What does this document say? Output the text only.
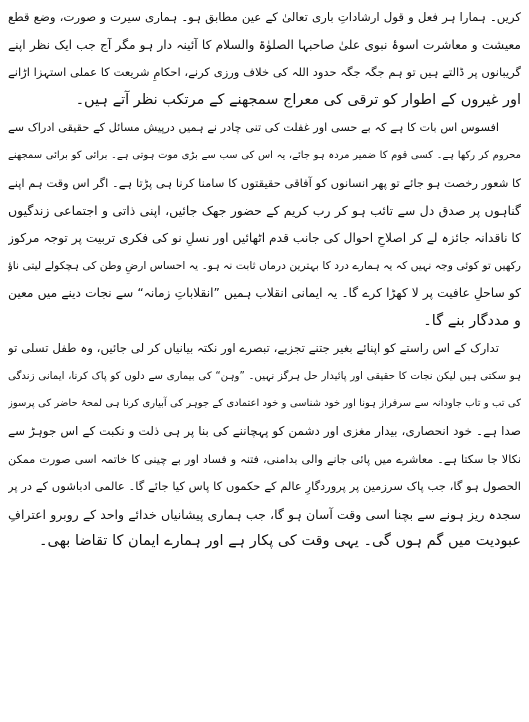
کریں۔ ہمارا ہر فعل و قول ارشاداتِ باری تعالیٰ کے عین مطابق ہو۔ ہماری سیرت و صورت، وضع قطع
معیشت و معاشرت اسوۂ نبوی علیٰ صاحبہا الصلوٰۃ والسلام کا آئینہ دار ہو مگر آج جب ایک نظر اپنے
گریبانوں پر ڈالتے ہیں تو ہم جگہ جگہ حدود اللہ کی خلاف ورزی کرنے، احکامِ شریعت کا عملی استہزا اڑانے
اور غیروں کے اطوار کو ترقی کی معراج سمجھنے کے مرتکب نظر آتے ہیں۔
افسوس اس بات کا ہے کہ بے حسی اور غفلت کی تنی چادر نے ہمیں درپیش مسائل کے حقیقی ادراک سے
محروم کر رکھا ہے۔ کسی قوم کا ضمیر مردہ ہو جائے، یہ اس کی سب سے بڑی موت ہوتی ہے۔ برائی کو برائی سمجھنے
کا شعور رخصت ہو جائے تو پھر انسانوں کو آفاقی حقیقتوں کا سامنا کرنا ہی پڑتا ہے۔ اگر اس وقت ہم اپنے
گناہوں پر صدق دل سے تائب ہو کر رب کریم کے حضور جھک جائیں، اپنی ذاتی و اجتماعی زندگیوں
کا ناقدانہ جائزہ لے کر اصلاحِ احوال کی جانب قدم اٹھائیں اور نسلِ نو کی فکری تربیت پر توجہ مرکوز
رکھیں تو کوئی وجہ نہیں کہ یہ ہمارے درد کا بہترین درماں ثابت نہ ہو۔ یہ احساس ارضِ وطن کی ہچکولے لیتی ناؤ
کو ساحلِ عافیت پر لا کھڑا کرے گا۔ یہ ایمانی انقلاب ہمیں ”انقلاباتِ زمانہ“ سے نجات دینے میں معین
و مددگار بنے گا۔
تدارک کے اس راستے کو اپنائے بغیر جتنے تجزیے، تبصرے اور نکتہ بیانیاں کر لی جائیں، وہ طفل تسلی تو
ہو سکتی ہیں لیکن نجات کا حقیقی اور پائیدار حل ہرگز نہیں۔ ”وہن“ کی بیماری سے دلوں کو پاک کرنا، ایمانی زندگی
کی تب و تاب جاودانہ سے سرفراز ہونا اور خود شناسی و خود اعتمادی کے جوہر کی آبیاری کرنا ہی لمحۂ حاضر کی پرسوز
صدا ہے۔ خود انحصاری، بیدار مغزی اور دشمن کو پہچاننے کی بنا پر ہی ذلت و نکبت کے اس جوہڑ سے
نکالا جا سکتا ہے۔ معاشرے میں پائی جانے والی بدامنی، فتنہ و فساد اور بے چینی کا خاتمہ اسی صورت ممکن
الحصول ہو گا، جب پاک سرزمین پر پروردگارِ عالم کے حکموں کا پاس کیا جائے گا۔ عالمی ادباشوں کے در پر
سجدہ ریز ہونے سے بچنا اسی وقت آسان ہو گا، جب ہماری پیشانیاں خدائے واحد کے روبرو اعترافِ
عبودیت میں گم ہوں گی۔ یہی وقت کی پکار ہے اور ہمارے ایمان کا تقاضا بھی۔
